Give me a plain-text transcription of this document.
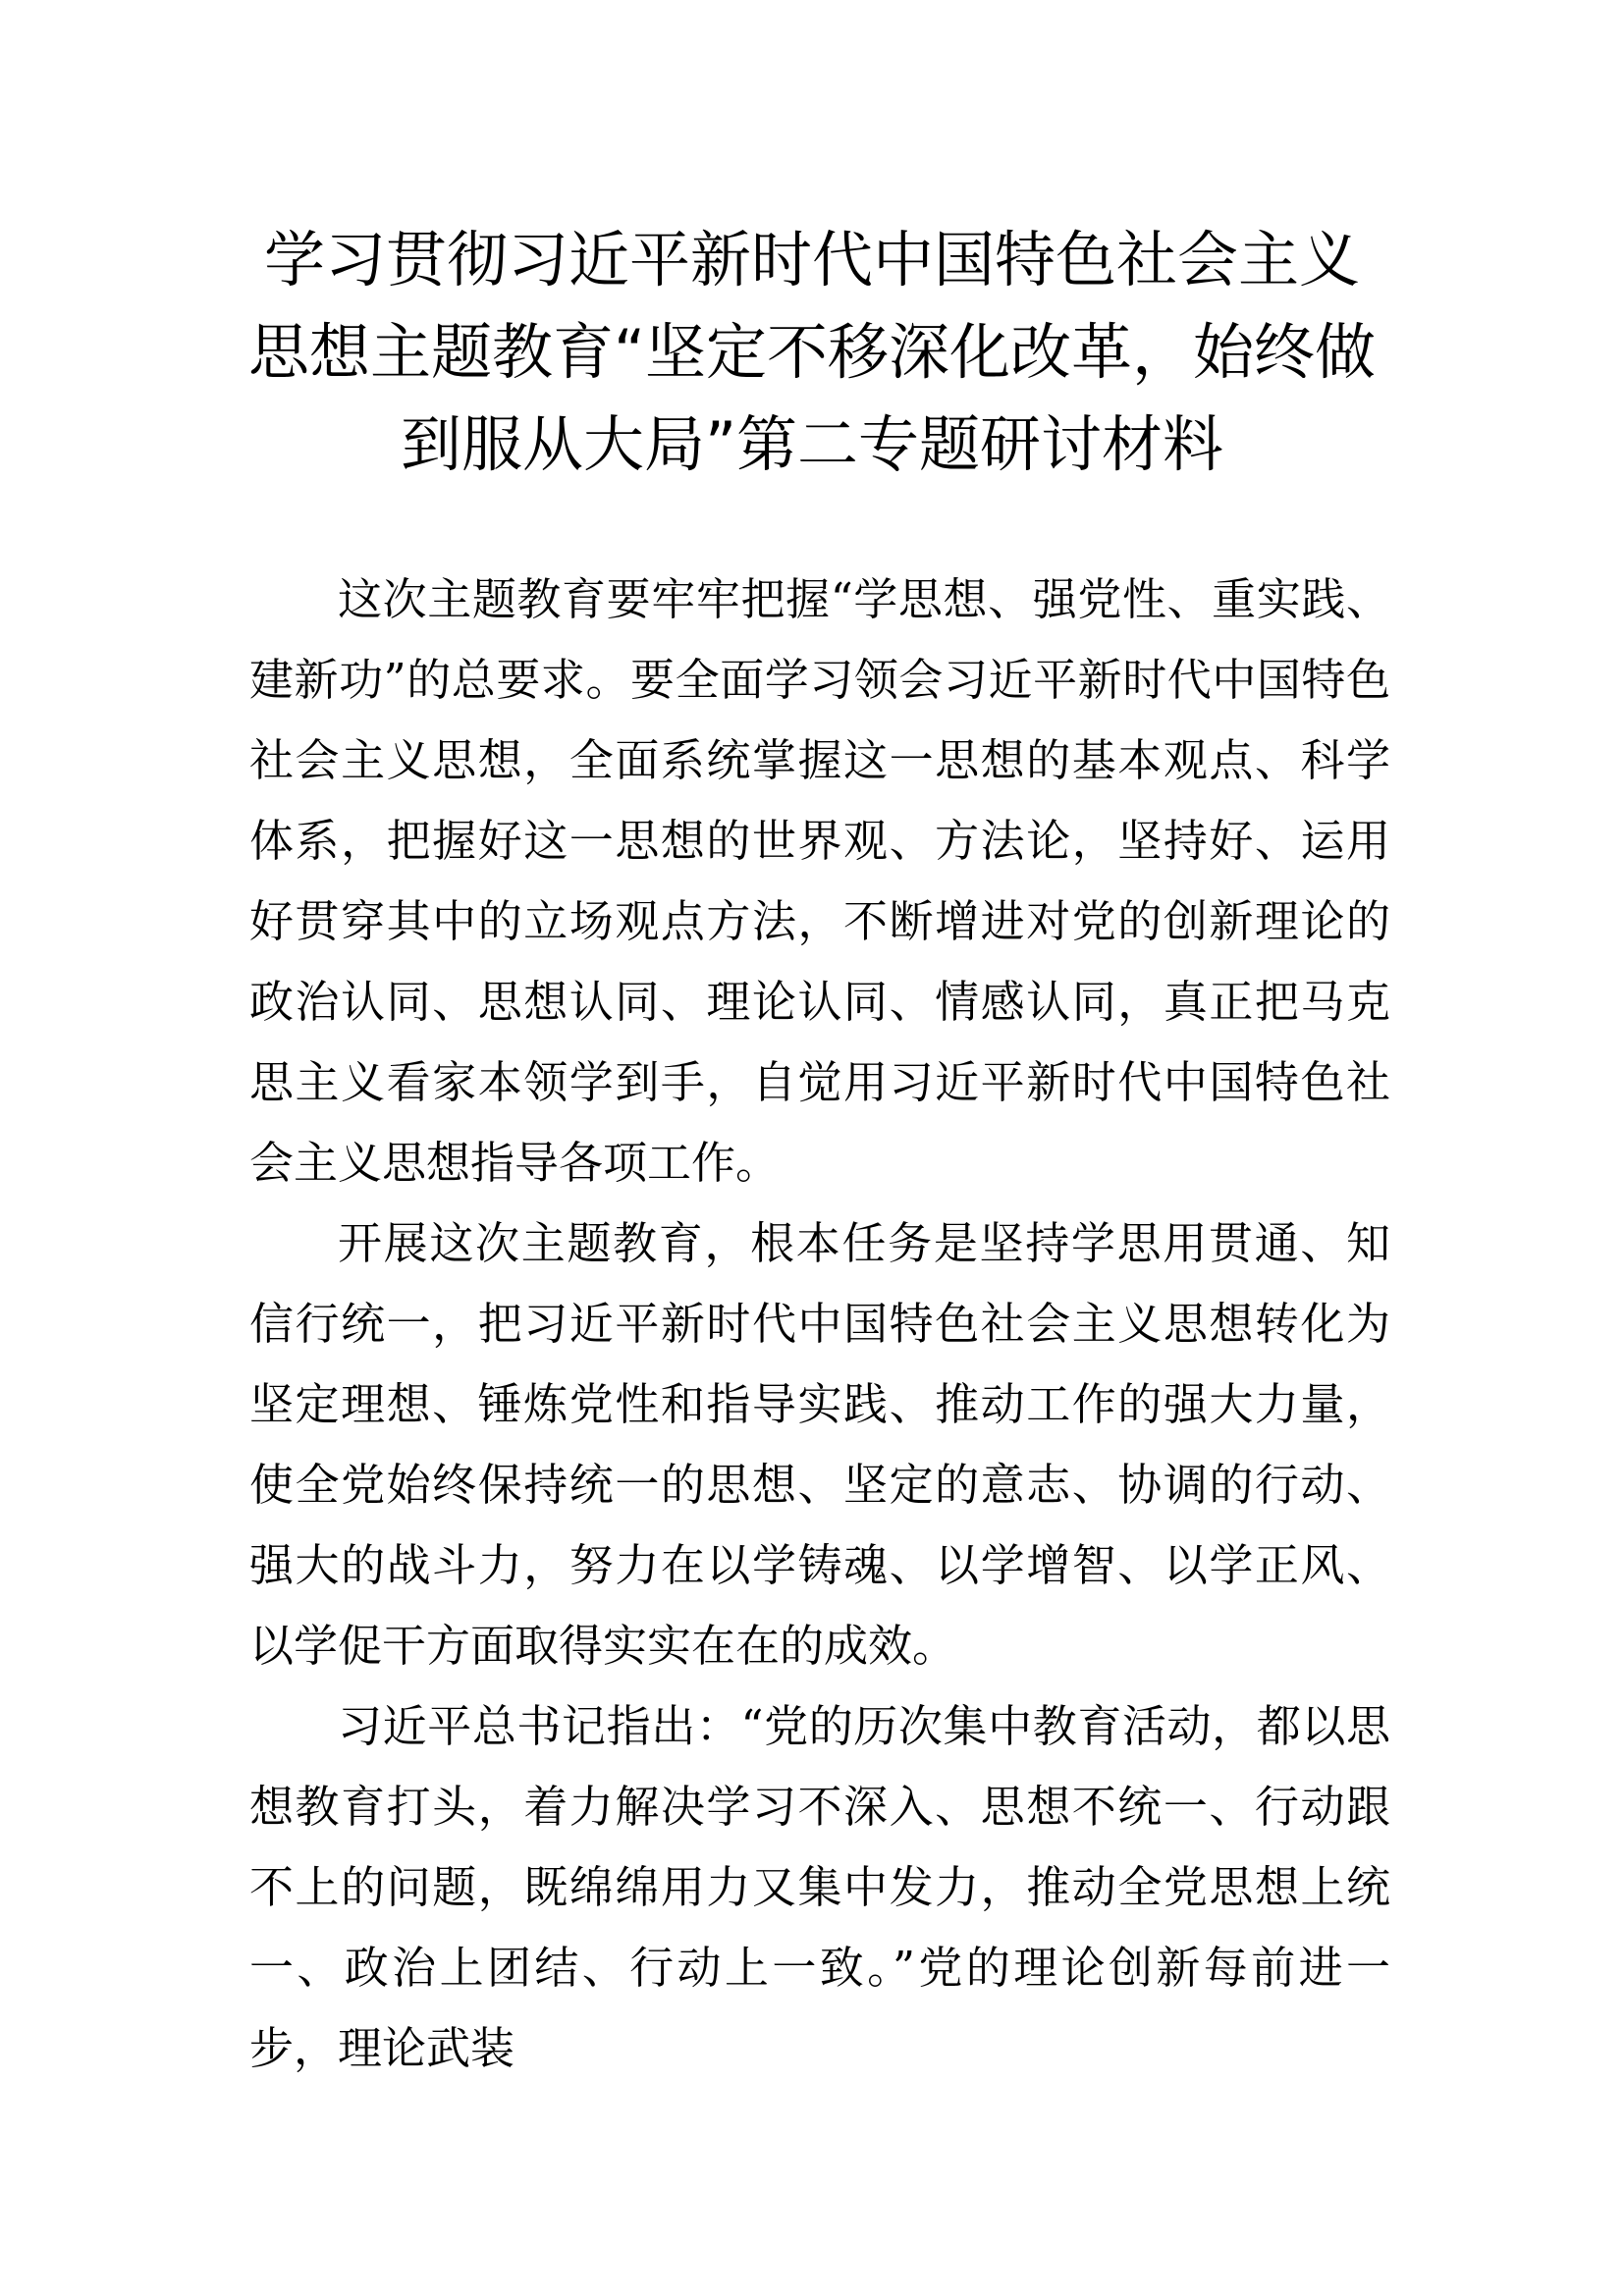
学习贯彻习近平新时代中国特色社会主义
思想主题教育“坚定不移深化改革，始终做
到服从大局”第二专题研讨材料

这次主题教育要牢牢把握“学思想、强党性、重实践、建新功”的总要求。要全面学习领会习近平新时代中国特色社会主义思想，全面系统掌握这一思想的基本观点、科学体系，把握好这一思想的世界观、方法论，坚持好、运用好贯穿其中的立场观点方法，不断增进对党的创新理论的政治认同、思想认同、理论认同、情感认同，真正把马克思主义看家本领学到手，自觉用习近平新时代中国特色社会主义思想指导各项工作。

开展这次主题教育，根本任务是坚持学思用贯通、知信行统一，把习近平新时代中国特色社会主义思想转化为坚定理想、锤炼党性和指导实践、推动工作的强大力量，使全党始终保持统一的思想、坚定的意志、协调的行动、强大的战斗力，努力在以学铸魂、以学增智、以学正风、以学促干方面取得实实在在的成效。

习近平总书记指出：“党的历次集中教育活动，都以思想教育打头，着力解决学习不深入、思想不统一、行动跟不上的问题，既绵绵用力又集中发力，推动全党思想上统一、政治上团结、行动上一致。”党的理论创新每前进一步，理论武装
